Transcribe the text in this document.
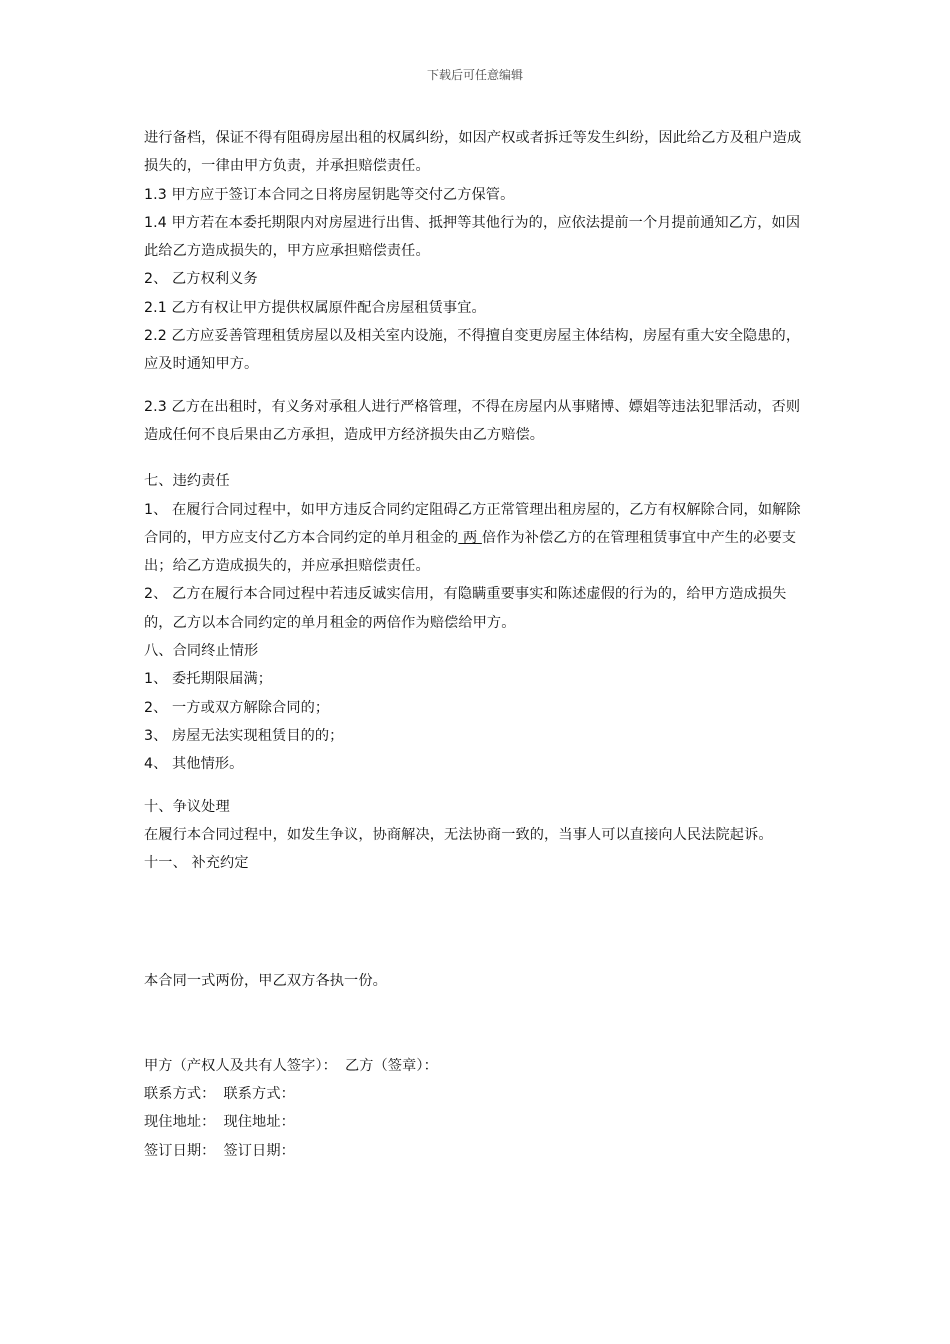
下载后可任意编辑

进行备档，保证不得有阻碍房屋出租的权属纠纷，如因产权或者拆迁等发生纠纷，因此给乙方及租户造成损失的，一律由甲方负责，并承担赔偿责任。

1.3 甲方应于签订本合同之日将房屋钥匙等交付乙方保管。

1.4 甲方若在本委托期限内对房屋进行出售、抵押等其他行为的，应依法提前一个月提前通知乙方，如因此给乙方造成损失的，甲方应承担赔偿责任。

2、 乙方权利义务

2.1 乙方有权让甲方提供权属原件配合房屋租赁事宜。

2.2 乙方应妥善管理租赁房屋以及相关室内设施，不得擅自变更房屋主体结构，房屋有重大安全隐患的，应及时通知甲方。

2.3 乙方在出租时，有义务对承租人进行严格管理，不得在房屋内从事赌博、嫖娼等违法犯罪活动，否则造成任何不良后果由乙方承担，造成甲方经济损失由乙方赔偿。

七、违约责任

1、 在履行合同过程中，如甲方违反合同约定阻碍乙方正常管理出租房屋的，乙方有权解除合同，如解除合同的，甲方应支付乙方本合同约定的单月租金的 两 倍作为补偿乙方的在管理租赁事宜中产生的必要支出；给乙方造成损失的，并应承担赔偿责任。

2、 乙方在履行本合同过程中若违反诚实信用，有隐瞒重要事实和陈述虚假的行为的，给甲方造成损失的，乙方以本合同约定的单月租金的两倍作为赔偿给甲方。

八、合同终止情形

1、 委托期限届满；

2、 一方或双方解除合同的；

3、 房屋无法实现租赁目的的；

4、 其他情形。

十、争议处理

在履行本合同过程中，如发生争议，协商解决，无法协商一致的，当事人可以直接向人民法院起诉。

十一、 补充约定

本合同一式两份，甲乙双方各执一份。

甲方（产权人及共有人签字）： 乙方（签章）：

联系方式： 联系方式：

现住地址： 现住地址：

签订日期： 签订日期：
